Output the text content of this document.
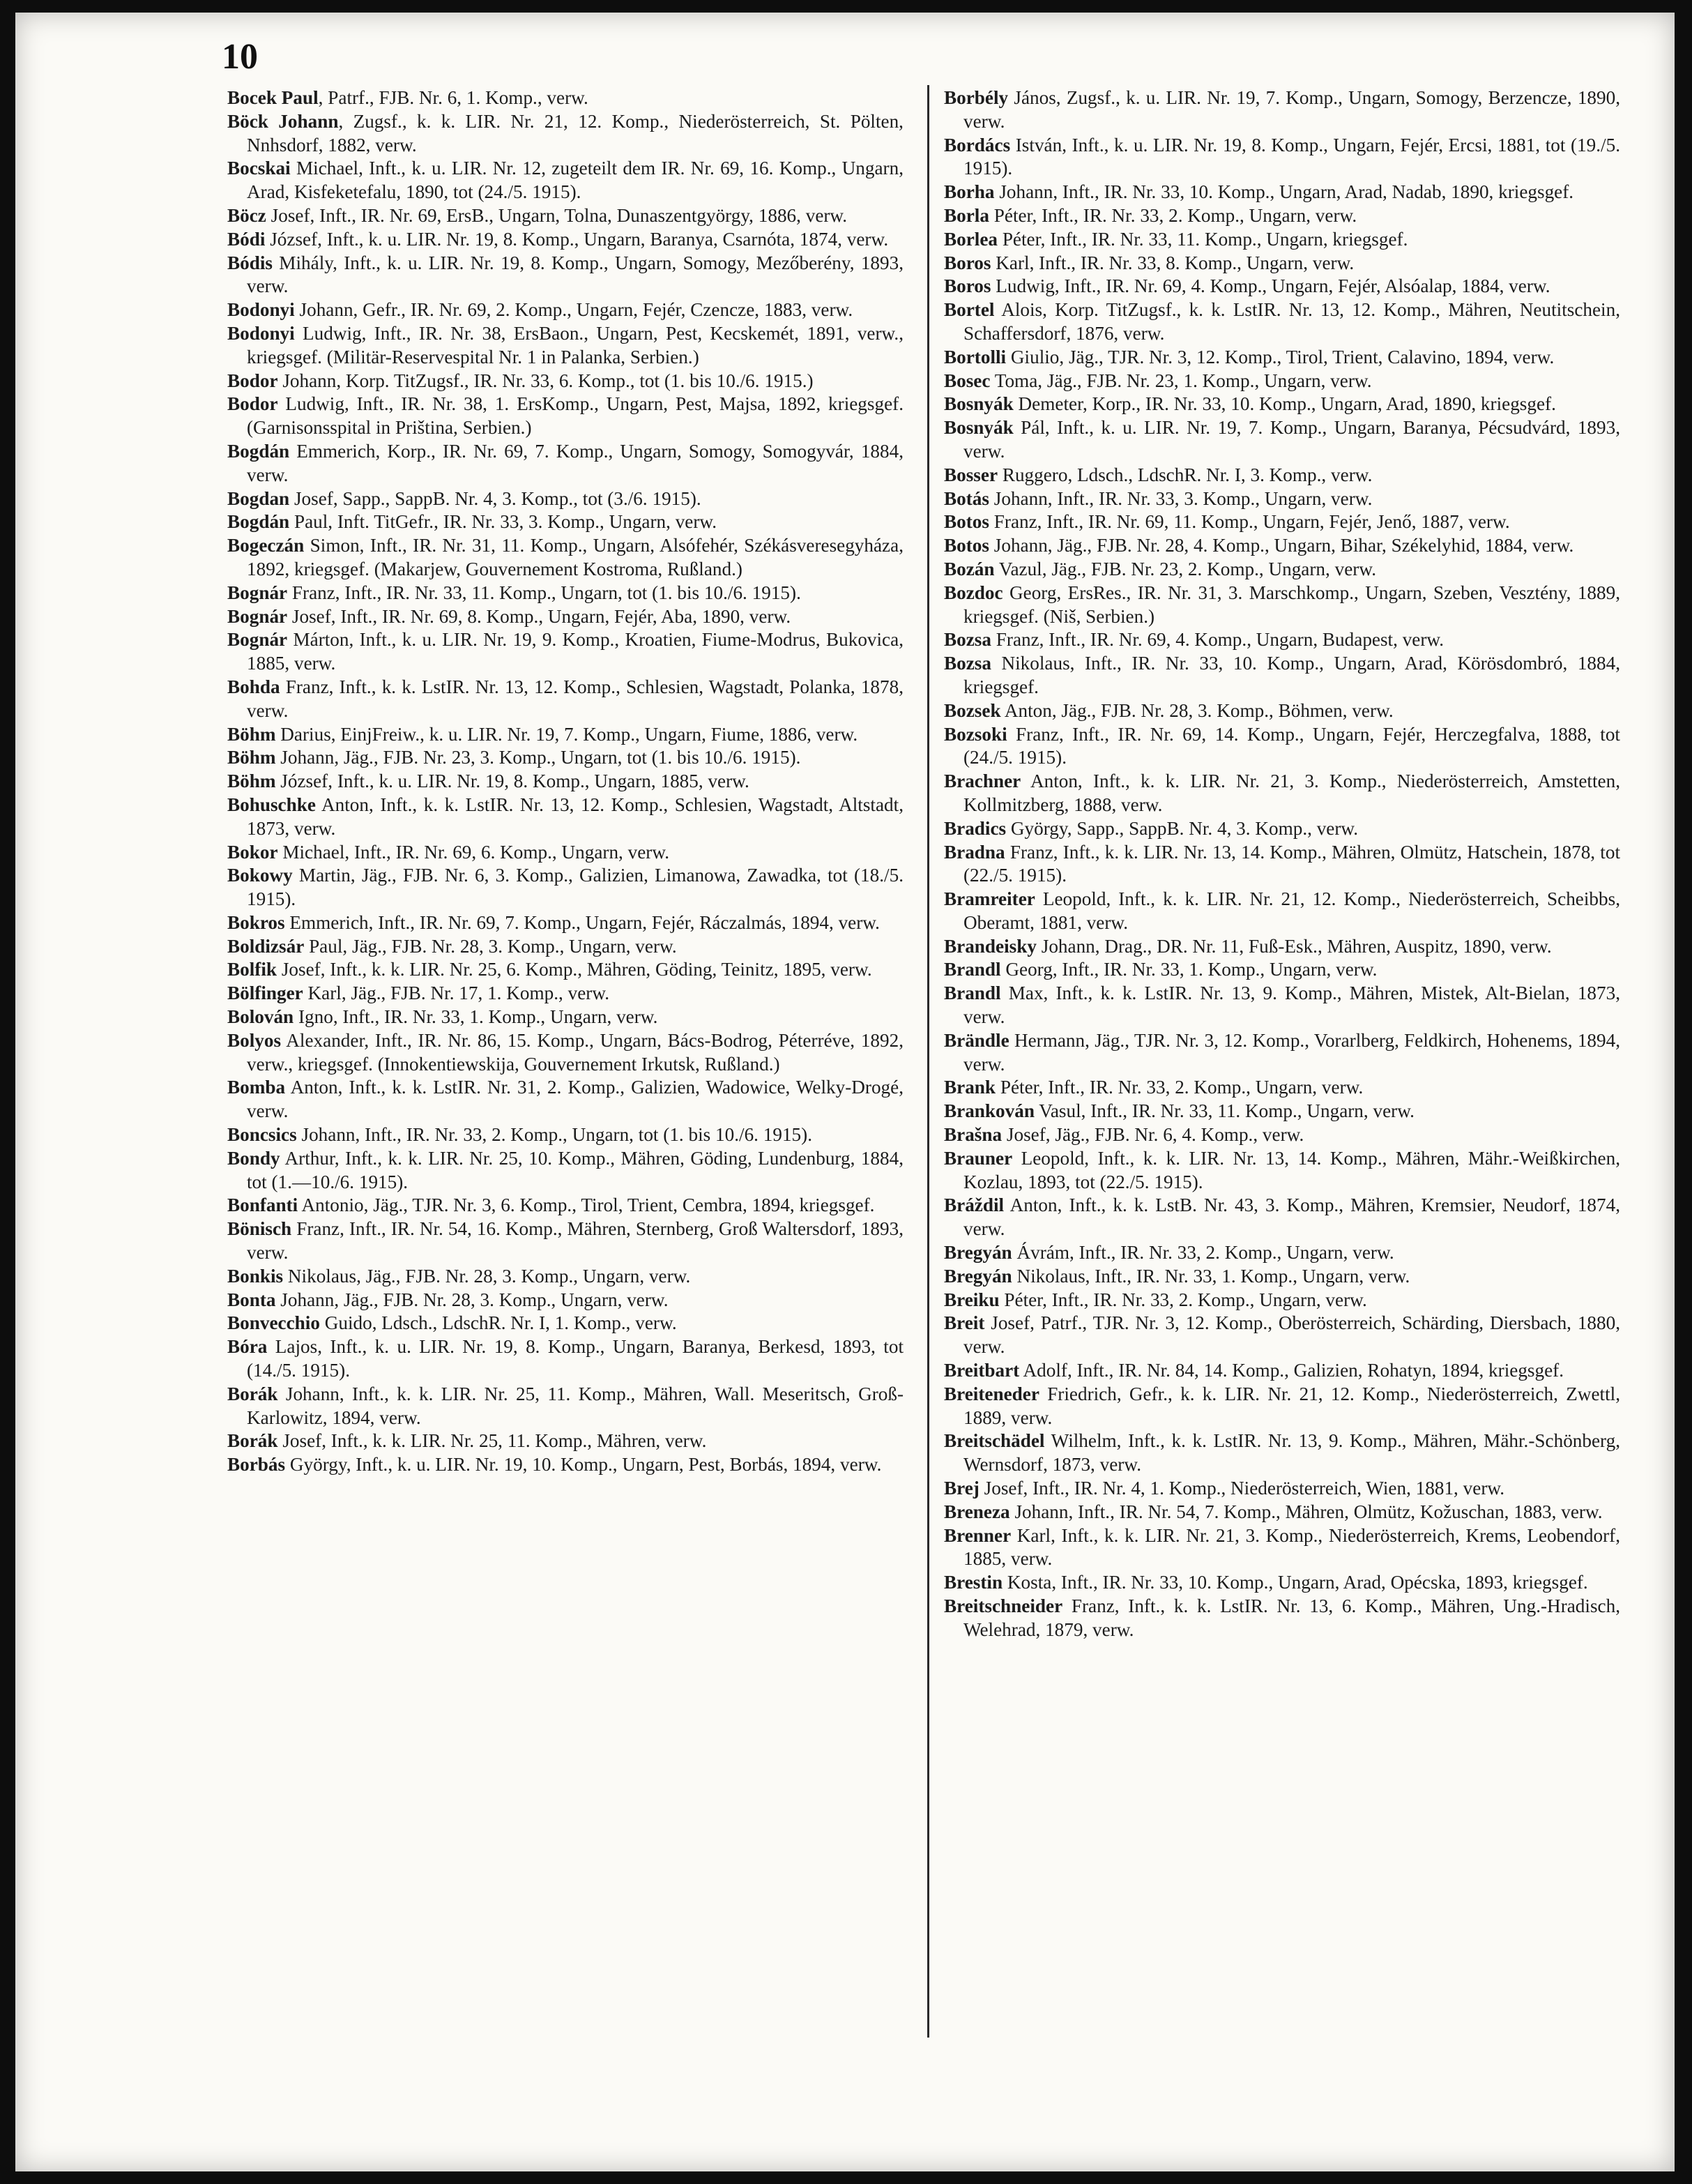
10

Bocek Paul, Patrf., FJB. Nr. 6, 1. Komp., verw.

Böck Johann, Zugsf., k. k. LIR. Nr. 21, 12. Komp., Niederösterreich, St. Pölten, Nnhsdorf, 1882, verw.

Bocskai Michael, Inft., k. u. LIR. Nr. 12, zugeteilt dem IR. Nr. 69, 16. Komp., Ungarn, Arad, Kisfeketefalu, 1890, tot (24./5. 1915).

Böcz Josef, Inft., IR. Nr. 69, ErsB., Ungarn, Tolna, Dunaszentgyörgy, 1886, verw.

Bódi József, Inft., k. u. LIR. Nr. 19, 8. Komp., Ungarn, Baranya, Csarnóta, 1874, verw.

Bódis Mihály, Inft., k. u. LIR. Nr. 19, 8. Komp., Ungarn, Somogy, Mezőberény, 1893, verw.

Bodonyi Johann, Gefr., IR. Nr. 69, 2. Komp., Ungarn, Fejér, Czencze, 1883, verw.

Bodonyi Ludwig, Inft., IR. Nr. 38, ErsBaon., Ungarn, Pest, Kecskemét, 1891, verw., kriegsgef. (Militär-Reservespital Nr. 1 in Palanka, Serbien.)

Bodor Johann, Korp. TitZugsf., IR. Nr. 33, 6. Komp., tot (1. bis 10./6. 1915.)

Bodor Ludwig, Inft., IR. Nr. 38, 1. ErsKomp., Ungarn, Pest, Majsa, 1892, kriegsgef. (Garnisonsspital in Priština, Serbien.)

Bogdán Emmerich, Korp., IR. Nr. 69, 7. Komp., Ungarn, Somogy, Somogyvár, 1884, verw.

Bogdan Josef, Sapp., SappB. Nr. 4, 3. Komp., tot (3./6. 1915).

Bogdán Paul, Inft. TitGefr., IR. Nr. 33, 3. Komp., Ungarn, verw.

Bogeczán Simon, Inft., IR. Nr. 31, 11. Komp., Ungarn, Alsófehér, Székásveresegyháza, 1892, kriegsgef. (Makarjew, Gouvernement Kostroma, Rußland.)

Bognár Franz, Inft., IR. Nr. 33, 11. Komp., Ungarn, tot (1. bis 10./6. 1915).

Bognár Josef, Inft., IR. Nr. 69, 8. Komp., Ungarn, Fejér, Aba, 1890, verw.

Bognár Márton, Inft., k. u. LIR. Nr. 19, 9. Komp., Kroatien, Fiume-Modrus, Bukovica, 1885, verw.

Bohda Franz, Inft., k. k. LstIR. Nr. 13, 12. Komp., Schlesien, Wagstadt, Polanka, 1878, verw.

Böhm Darius, EinjFreiw., k. u. LIR. Nr. 19, 7. Komp., Ungarn, Fiume, 1886, verw.

Böhm Johann, Jäg., FJB. Nr. 23, 3. Komp., Ungarn, tot (1. bis 10./6. 1915).

Böhm József, Inft., k. u. LIR. Nr. 19, 8. Komp., Ungarn, 1885, verw.

Bohuschke Anton, Inft., k. k. LstIR. Nr. 13, 12. Komp., Schlesien, Wagstadt, Altstadt, 1873, verw.

Bokor Michael, Inft., IR. Nr. 69, 6. Komp., Ungarn, verw.

Bokowy Martin, Jäg., FJB. Nr. 6, 3. Komp., Galizien, Limanowa, Zawadka, tot (18./5. 1915).

Bokros Emmerich, Inft., IR. Nr. 69, 7. Komp., Ungarn, Fejér, Ráczalmás, 1894, verw.

Boldizsár Paul, Jäg., FJB. Nr. 28, 3. Komp., Ungarn, verw.

Bolfik Josef, Inft., k. k. LIR. Nr. 25, 6. Komp., Mähren, Göding, Teinitz, 1895, verw.

Bölfinger Karl, Jäg., FJB. Nr. 17, 1. Komp., verw.

Bolován Igno, Inft., IR. Nr. 33, 1. Komp., Ungarn, verw.

Bolyos Alexander, Inft., IR. Nr. 86, 15. Komp., Ungarn, Bács-Bodrog, Péterréve, 1892, verw., kriegsgef. (Innokentiewskija, Gouvernement Irkutsk, Rußland.)

Bomba Anton, Inft., k. k. LstIR. Nr. 31, 2. Komp., Galizien, Wadowice, Welky-Drogé, verw.

Boncsics Johann, Inft., IR. Nr. 33, 2. Komp., Ungarn, tot (1. bis 10./6. 1915).

Bondy Arthur, Inft., k. k. LIR. Nr. 25, 10. Komp., Mähren, Göding, Lundenburg, 1884, tot (1.—10./6. 1915).

Bonfanti Antonio, Jäg., TJR. Nr. 3, 6. Komp., Tirol, Trient, Cembra, 1894, kriegsgef.

Bönisch Franz, Inft., IR. Nr. 54, 16. Komp., Mähren, Sternberg, Groß Waltersdorf, 1893, verw.

Bonkis Nikolaus, Jäg., FJB. Nr. 28, 3. Komp., Ungarn, verw.

Bonta Johann, Jäg., FJB. Nr. 28, 3. Komp., Ungarn, verw.

Bonvecchio Guido, Ldsch., LdschR. Nr. I, 1. Komp., verw.

Bóra Lajos, Inft., k. u. LIR. Nr. 19, 8. Komp., Ungarn, Baranya, Berkesd, 1893, tot (14./5. 1915).

Borák Johann, Inft., k. k. LIR. Nr. 25, 11. Komp., Mähren, Wall. Meseritsch, Groß-Karlowitz, 1894, verw.

Borák Josef, Inft., k. k. LIR. Nr. 25, 11. Komp., Mähren, verw.

Borbás György, Inft., k. u. LIR. Nr. 19, 10. Komp., Ungarn, Pest, Borbás, 1894, verw.

Borbély János, Zugsf., k. u. LIR. Nr. 19, 7. Komp., Ungarn, Somogy, Berzencze, 1890, verw.

Bordács István, Inft., k. u. LIR. Nr. 19, 8. Komp., Ungarn, Fejér, Ercsi, 1881, tot (19./5. 1915).

Borha Johann, Inft., IR. Nr. 33, 10. Komp., Ungarn, Arad, Nadab, 1890, kriegsgef.

Borla Péter, Inft., IR. Nr. 33, 2. Komp., Ungarn, verw.

Borlea Péter, Inft., IR. Nr. 33, 11. Komp., Ungarn, kriegsgef.

Boros Karl, Inft., IR. Nr. 33, 8. Komp., Ungarn, verw.

Boros Ludwig, Inft., IR. Nr. 69, 4. Komp., Ungarn, Fejér, Alsóalap, 1884, verw.

Bortel Alois, Korp. TitZugsf., k. k. LstIR. Nr. 13, 12. Komp., Mähren, Neutitschein, Schaffersdorf, 1876, verw.

Bortolli Giulio, Jäg., TJR. Nr. 3, 12. Komp., Tirol, Trient, Calavino, 1894, verw.

Bosec Toma, Jäg., FJB. Nr. 23, 1. Komp., Ungarn, verw.

Bosnyák Demeter, Korp., IR. Nr. 33, 10. Komp., Ungarn, Arad, 1890, kriegsgef.

Bosnyák Pál, Inft., k. u. LIR. Nr. 19, 7. Komp., Ungarn, Baranya, Pécsudvárd, 1893, verw.

Bosser Ruggero, Ldsch., LdschR. Nr. I, 3. Komp., verw.

Botás Johann, Inft., IR. Nr. 33, 3. Komp., Ungarn, verw.

Botos Franz, Inft., IR. Nr. 69, 11. Komp., Ungarn, Fejér, Jenő, 1887, verw.

Botos Johann, Jäg., FJB. Nr. 28, 4. Komp., Ungarn, Bihar, Székelyhid, 1884, verw.

Bozán Vazul, Jäg., FJB. Nr. 23, 2. Komp., Ungarn, verw.

Bozdoc Georg, ErsRes., IR. Nr. 31, 3. Marschkomp., Ungarn, Szeben, Vesztény, 1889, kriegsgef. (Niš, Serbien.)

Bozsa Franz, Inft., IR. Nr. 69, 4. Komp., Ungarn, Budapest, verw.

Bozsa Nikolaus, Inft., IR. Nr. 33, 10. Komp., Ungarn, Arad, Körösdombró, 1884, kriegsgef.

Bozsek Anton, Jäg., FJB. Nr. 28, 3. Komp., Böhmen, verw.

Bozsoki Franz, Inft., IR. Nr. 69, 14. Komp., Ungarn, Fejér, Herczegfalva, 1888, tot (24./5. 1915).

Brachner Anton, Inft., k. k. LIR. Nr. 21, 3. Komp., Niederösterreich, Amstetten, Kollmitzberg, 1888, verw.

Bradics György, Sapp., SappB. Nr. 4, 3. Komp., verw.

Bradna Franz, Inft., k. k. LIR. Nr. 13, 14. Komp., Mähren, Olmütz, Hatschein, 1878, tot (22./5. 1915).

Bramreiter Leopold, Inft., k. k. LIR. Nr. 21, 12. Komp., Niederösterreich, Scheibbs, Oberamt, 1881, verw.

Brandeisky Johann, Drag., DR. Nr. 11, Fuß-Esk., Mähren, Auspitz, 1890, verw.

Brandl Georg, Inft., IR. Nr. 33, 1. Komp., Ungarn, verw.

Brandl Max, Inft., k. k. LstIR. Nr. 13, 9. Komp., Mähren, Mistek, Alt-Bielan, 1873, verw.

Brändle Hermann, Jäg., TJR. Nr. 3, 12. Komp., Vorarlberg, Feldkirch, Hohenems, 1894, verw.

Brank Péter, Inft., IR. Nr. 33, 2. Komp., Ungarn, verw.

Brankován Vasul, Inft., IR. Nr. 33, 11. Komp., Ungarn, verw.

Brašna Josef, Jäg., FJB. Nr. 6, 4. Komp., verw.

Brauner Leopold, Inft., k. k. LIR. Nr. 13, 14. Komp., Mähren, Mähr.-Weißkirchen, Kozlau, 1893, tot (22./5. 1915).

Bráždil Anton, Inft., k. k. LstB. Nr. 43, 3. Komp., Mähren, Kremsier, Neudorf, 1874, verw.

Bregyán Ávrám, Inft., IR. Nr. 33, 2. Komp., Ungarn, verw.

Bregyán Nikolaus, Inft., IR. Nr. 33, 1. Komp., Ungarn, verw.

Breiku Péter, Inft., IR. Nr. 33, 2. Komp., Ungarn, verw.

Breit Josef, Patrf., TJR. Nr. 3, 12. Komp., Oberösterreich, Schärding, Diersbach, 1880, verw.

Breitbart Adolf, Inft., IR. Nr. 84, 14. Komp., Galizien, Rohatyn, 1894, kriegsgef.

Breiteneder Friedrich, Gefr., k. k. LIR. Nr. 21, 12. Komp., Niederösterreich, Zwettl, 1889, verw.

Breitschädel Wilhelm, Inft., k. k. LstIR. Nr. 13, 9. Komp., Mähren, Mähr.-Schönberg, Wernsdorf, 1873, verw.

Brej Josef, Inft., IR. Nr. 4, 1. Komp., Niederösterreich, Wien, 1881, verw.

Breneza Johann, Inft., IR. Nr. 54, 7. Komp., Mähren, Olmütz, Kožuschan, 1883, verw.

Brenner Karl, Inft., k. k. LIR. Nr. 21, 3. Komp., Niederösterreich, Krems, Leobendorf, 1885, verw.

Brestin Kosta, Inft., IR. Nr. 33, 10. Komp., Ungarn, Arad, Opécska, 1893, kriegsgef.

Breitschneider Franz, Inft., k. k. LstIR. Nr. 13, 6. Komp., Mähren, Ung.-Hradisch, Welehrad, 1879, verw.
